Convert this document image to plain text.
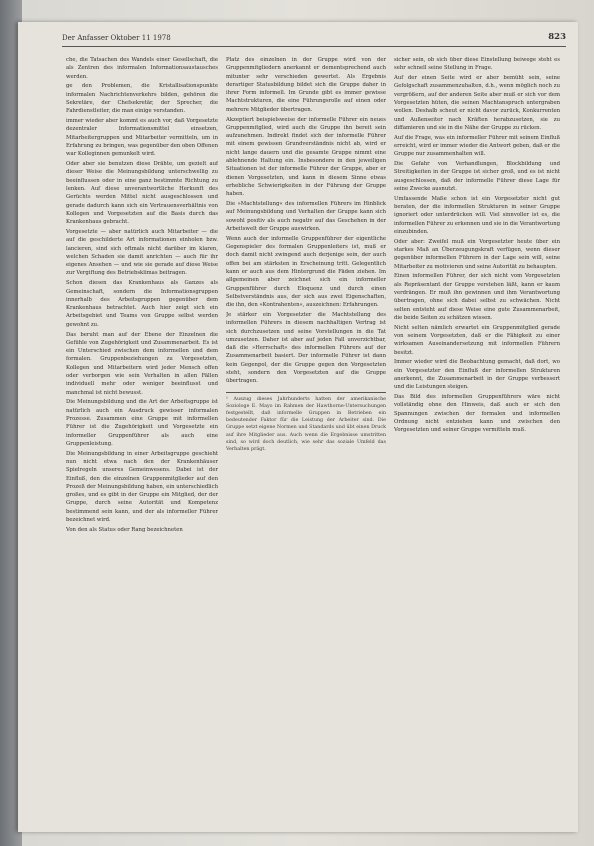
Der Anfasser Oktober 11 1978	823

che, die Tatsachen des Wandels einer Gesellschaft, die als Zentren des informalen Informationsaustausches werden.

ge den Problemen, die Kristallisationspunkte informalen Nachrichtenverkehrs bilden, gehören die Sekretäre, der Chefsekretär, der Sprecher, die Fahrdienstleiter, die man einige verstanden.

immer wieder aber kommt es auch vor, daß Vorgesetzte dezentraler Informationsmittel einsetzen, Mitarbeitergruppen und Mitarbeiter vermitteln, um in Erfahrung zu bringen, was gegenüber den oben Offenen war Kolleginnen gemunkelt wird.

Oder aber sie benutzen diese Drähte, um gezielt auf dieser Weise die Meinungsbildung unterschwellig zu beeinflussen oder in eine ganz bestimmte Richtung zu lenken. Auf diese unverantwortliche Herkunft des Gerüchts werden Mittel nicht ausgeschlossen und gerade dadurch kann sich ein Vertrauensverhältnis von Kollegen und Vorgesetzten auf die Basis durch das Krankenhaus gebracht.

Vorgesetzte — aber natürlich auch Mitarbeiter — die auf die geschilderte Art informationen einholen bzw. lancieren, sind sich oftmals nicht darüber im klaren, welchen Schaden sie damit anrichten — auch für ihr eigenes Ansehen — und wie sie gerade auf diese Weise zur Vergiftung des Betriebsklimas beitragen.

Schon diesen das Krankenhaus als Ganzes als Gemeinschaft, sondern die Informationsgruppen innerhalb des Arbeitsgruppen gegenüber dem Krankenhaus betrachtet. Auch hier zeigt sich ein Arbeitsgebiet und Teams von Gruppe selbst werden gewohnt zu.

Das beruht man auf der Ebene der Einzelnen die Gefühle von Zugehörigkeit und Zusammenarbeit. Es ist ein Unterschied zwischen dem informellen und dem formalen. Gruppenbeziehungen zu Vorgesetzten, Kollegen und Mitarbeitern wird jeder Mensch offen oder verborgen wie sein Verhalten in allen Fällen individuell mehr oder weniger beeinflusst und manchmal ist nicht bewusst.

Die Meinungsbildung und die Art der Arbeitsgruppe ist natürlich auch ein Ausdruck gewisser informalen Prozesse. Zusammen eine Gruppe mit informellen Führer ist die Zugehörigkeit und Vorgesetzte ein informeller Gruppenführer als auch eine Gruppenleistung.

Die Meinungsbildung in einer Arbeitsgruppe geschieht nun nicht etwa nach den der Krankenhäuser Spielregeln unseres Gemeinwesens. Dabei ist der Einfluß, den die einzelnen Gruppenmitglieder auf den Prozeß der Meinungsbildung haben, ein unterschiedlich großes, und es gibt in der Gruppe ein Mitglied, der der Gruppe, durch seine Autorität und Kompetenz bestimmend sein kann, und der als informeller Führer bezeichnet wird.

Von den als Status oder Rang bezeichneten

Platz des einzelnen in der Gruppe wird von der Gruppenmitgliedern anerkannt er dementsprechend auch mitunter sehr verschieden gewertet. Als Ergebnis derartiger Statusbildung bildet sich die Gruppe daher in ihrer Form informell. Im Grunde gibt es immer gewisse Machtstrukturen, die eine Führungsrolle auf einen oder mehrere Mitglieder übertragen.

Akzeptiert beispielsweise der informelle Führer ein neues Gruppenmitglied, wird auch die Gruppe ihn bereit sein aufzunehmen. Indirekt findet sich der informelle Führer mit einem gewissen Grundverständnis nicht ab, wird er nicht lange dauern und die gesamte Gruppe nimmt eine ablehnende Haltung ein. Insbesondere in den jeweiligen Situationen ist der informelle Führer der Gruppe, aber er dienen Vorgesetzten, und kann in diesem Sinne etwas erhebliche Schwierigkeiten in der Führung der Gruppe haben.

Die »Machtstellung« des informellen Führers im Hinblick auf Meinungsbildung und Verhalten der Gruppe kann sich sowohl positiv als auch negativ auf das Geschehen in der Arbeitswelt der Gruppe auswirken.

Wenn auch der informelle Gruppenführer der eigentliche Gegenspieler des formalen Gruppenleiters ist, muß er doch damit nicht zwingend auch derjenige sein, der auch offen bei am stärksten in Erscheinung tritt. Gelegentlich kann er auch aus dem Hintergrund die Fäden ziehen. Im allgemeinen aber zeichnet sich ein informeller Gruppenführer durch Eloquenz und durch einen Selbstverständnis aus, der sich aus zwei Eigenschaften, die ihn, den »Kontrahenten«, auszeichnen: Erfahrungen.

Je stärker ein Vorgesetzter die Machtstellung des informellen Führers in diesem nachhaltigen Vertrag ist sich durchzusetzen und seine Vorstellungen in die Tat umzusetzen. Daher ist aber auf jeden Fall unverzichtbar, daß die »Herrschaft« des informellen Führers auf der Zusammenarbeit basiert. Der informelle Führer ist dann kein Gegenpol, der die Gruppe gegen den Vorgesetzten steht, sondern den Vorgesetzten auf die Gruppe übertragen.

¹ Auszug dieses Jahrhunderts hatten der amerikanische Soziologe E. Mayo im Rahmen der Hawthorne-Untersuchungen festgestellt, daß informelle Gruppen in Betrieben ein bedeutender Faktor für die Leistung der Arbeiter sind. Die Gruppe setzt eigene Normen und Standards und übt einen Druck auf ihre Mitglieder aus. Auch wenn die Ergebnisse umstritten sind, so wird doch deutlich, wie sehr das soziale Umfeld das Verhalten prägt.

sicher sein, ob sich über diese Einstellung beiwege steht es sehr schnell seine Stellung in Frage.

Auf der einen Seite wird er aber bemüht sein, seine Gefolgschaft zusammenzuhalten, d.h., wenn möglich noch zu vergrößern, auf der anderen Seite aber muß er sich vor dem Vorgesetzten hüten, die seinen Machtanspruch untergraben wollen. Deshalb scheut er nicht davor zurück, Konkurrenten und Außenseiter nach Kräften herabzusetzen, sie zu diffamieren und sie in die Nähe der Gruppe zu rücken.

Auf die Frage, was ein informeller Führer mit seinem Einfluß erreicht, wird er immer wieder die Antwort geben, daß er die Gruppe nur zusammenhalten will.

Die Gefahr von Verhandlungen, Blockbildung und Streitigkeiten in der Gruppe ist sicher groß, und es ist nicht ausgeschlossen, daß der informelle Führer diese Lage für seine Zwecke ausnutzt.

Umfassende Maße schon ist ein Vorgesetzter nicht gut beraten, der die informellen Strukturen in seiner Gruppe ignoriert oder unterdrücken will. Viel sinnvoller ist es, die informellen Führer zu erkennen und sie in die Verantwortung einzubinden.

Oder aber: Zweifel muß ein Vorgesetzter heute über ein starkes Maß an Überzeugungskraft verfügen, wenn dieser gegenüber informellen Führern in der Lage sein will, seine Mitarbeiter zu motivieren und seine Autorität zu behaupten.

Einen informellen Führer, der sich nicht vom Vorgesetzten als Repräsentant der Gruppe verstehen läßt, kann er kaum verdrängen. Er muß ihn gewinnen und ihm Verantwortung übertragen, ohne sich dabei selbst zu schwächen. Nicht selten entsteht auf diese Weise eine gute Zusammenarbeit, die beide Seiten zu schätzen wissen.

Nicht selten nämlich erwartet ein Gruppenmitglied gerade von seinem Vorgesetzten, daß er die Fähigkeit zu einer wirksamen Auseinandersetzung mit informellen Führern besitzt.

Immer wieder wird die Beobachtung gemacht, daß dort, wo ein Vorgesetzter den Einfluß der informellen Strukturen anerkennt, die Zusammenarbeit in der Gruppe verbessert und die Leistungen steigen.

Das Bild des informellen Gruppenführers wäre nicht vollständig ohne den Hinweis, daß auch er sich den Spannungen zwischen der formalen und informellen Ordnung nicht entziehen kann und zwischen den Vorgesetzten und seiner Gruppe vermitteln muß.
